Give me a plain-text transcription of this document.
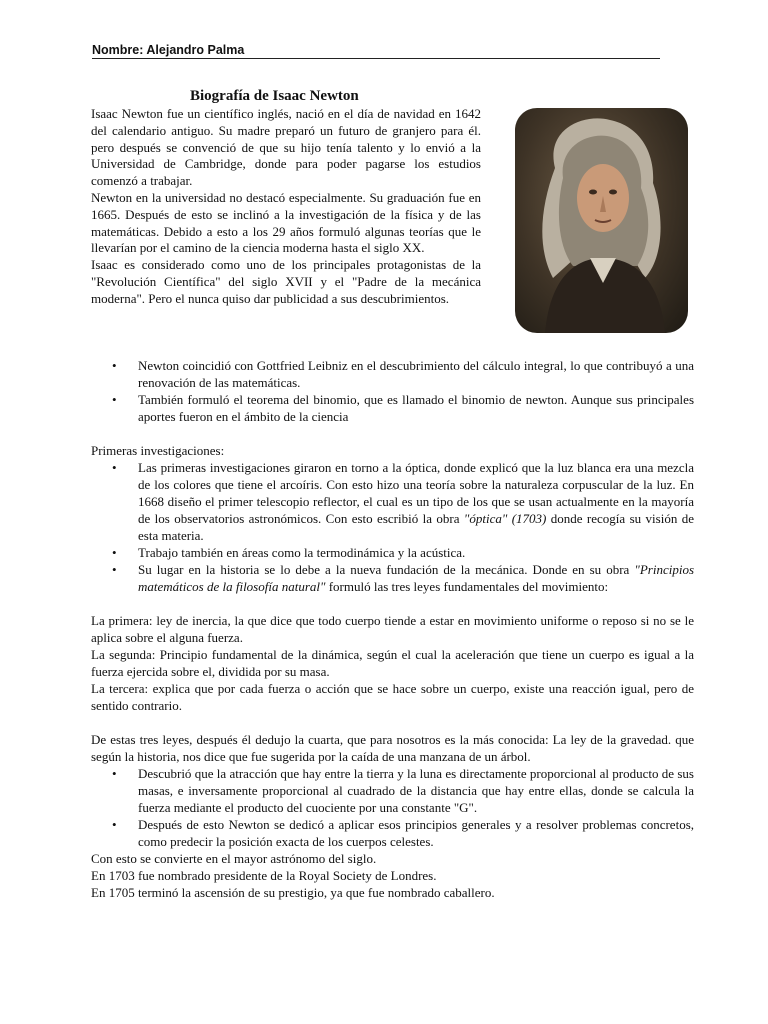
Nombre: Alejandro Palma
Biografía de Isaac Newton

Isaac Newton fue un científico inglés, nació en el día de navidad en 1642 del calendario antiguo. Su madre preparó un futuro de granjero para él. pero después se convenció de que su hijo tenía talento y lo envió a la Universidad de Cambridge, donde para poder pagarse los estudios comenzó a trabajar.

Newton en la universidad no destacó especialmente. Su graduación fue en 1665. Después de esto se inclinó a la investigación de la física y de las matemáticas. Debido a esto a los 29 años formuló algunas teorías que le llevarían por el camino de la ciencia moderna hasta el siglo XX.

Isaac es considerado como uno de los principales protagonistas de la "Revolución Científica" del siglo XVII y el "Padre de la mecánica moderna". Pero el nunca quiso dar publicidad a sus descubrimientos.

• Newton coincidió con Gottfried Leibniz en el descubrimiento del cálculo integral, lo que contribuyó a una renovación de las matemáticas.
• También formuló el teorema del binomio, que es llamado el binomio de newton. Aunque sus principales aportes fueron en el ámbito de la ciencia

Primeras investigaciones:

• Las primeras investigaciones giraron en torno a la óptica, donde explicó que la luz blanca era una mezcla de los colores que tiene el arcoíris. Con esto hizo una teoría sobre la naturaleza corpuscular de la luz. En 1668 diseño el primer telescopio reflector, el cual es un tipo de los que se usan actualmente en la mayoría de los observatorios astronómicos. Con esto escribió la obra "óptica" (1703) donde recogía su visión de esta materia.
• Trabajo también en áreas como la termodinámica y la acústica.
• Su lugar en la historia se lo debe a la nueva fundación de la mecánica. Donde en su obra "Principios matemáticos de la filosofía natural" formuló las tres leyes fundamentales del movimiento:

La primera: ley de inercia, la que dice que todo cuerpo tiende a estar en movimiento uniforme o reposo si no se le aplica sobre el alguna fuerza.

La segunda: Principio fundamental de la dinámica, según el cual la aceleración que tiene un cuerpo es igual a la fuerza ejercida sobre el, dividida por su masa.

La tercera: explica que por cada fuerza o acción que se hace sobre un cuerpo, existe una reacción igual, pero de sentido contrario.

De estas tres leyes, después él dedujo la cuarta, que para nosotros es la más conocida: La ley de la gravedad. que según la historia, nos dice que fue sugerida por la caída de una manzana de un árbol.

• Descubrió que la atracción que hay entre la tierra y la luna es directamente proporcional al producto de sus masas, e inversamente proporcional al cuadrado de la distancia que hay entre ellas, donde se calcula la fuerza mediante el producto del cuociente por una constante "G".
• Después de esto Newton se dedicó a aplicar esos principios generales y a resolver problemas concretos, como predecir la posición exacta de los cuerpos celestes.

Con esto se convierte en el mayor astrónomo del siglo.

En 1703 fue nombrado presidente de la Royal Society de Londres.

En 1705 terminó la ascensión de su prestigio, ya que fue nombrado caballero.
